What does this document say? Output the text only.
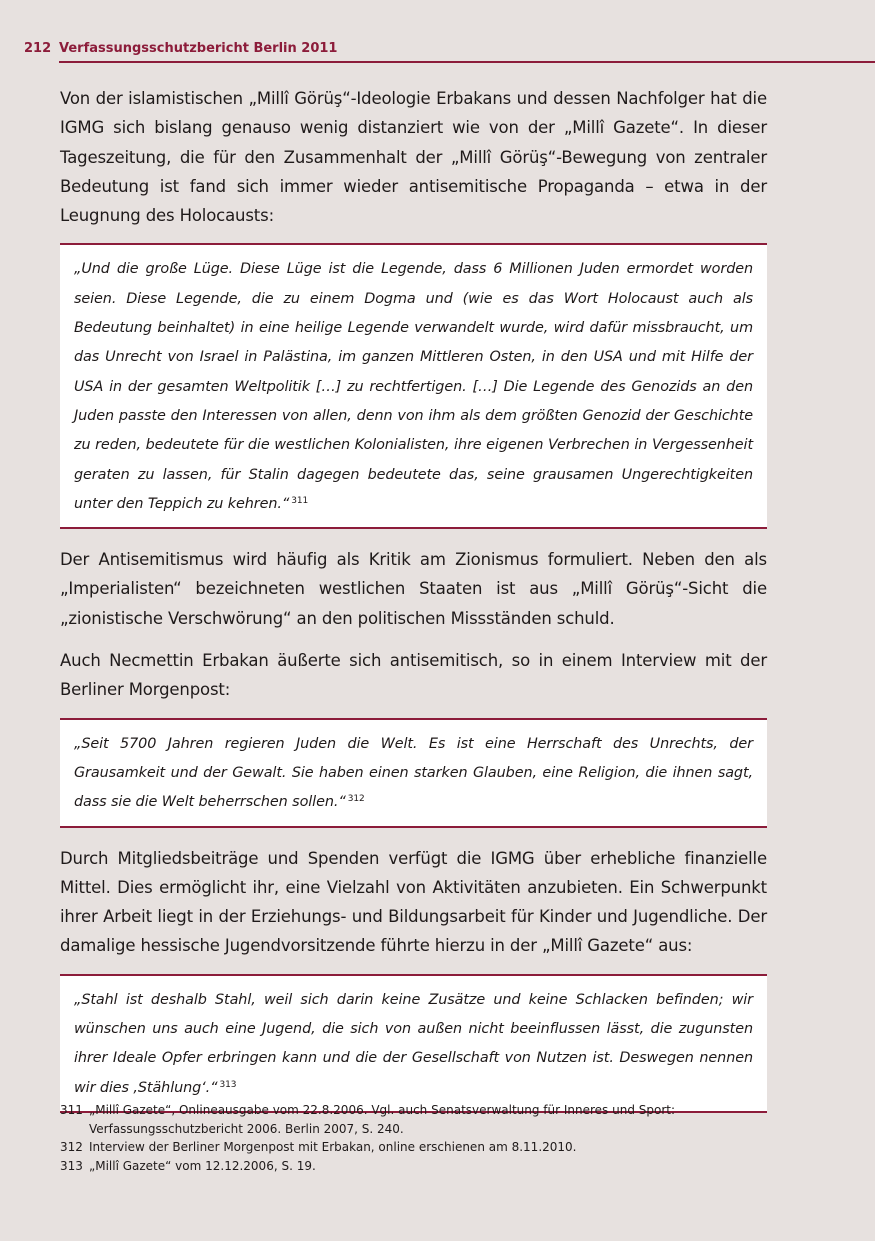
212 Verfassungsschutzbericht Berlin 2011

Von der islamistischen „Millî Görüş“-Ideologie Erbakans und dessen Nachfolger hat die IGMG sich bislang genauso wenig distanziert wie von der „Millî Gazete“. In dieser Tageszeitung, die für den Zusammenhalt der „Millî Görüş“-Bewegung von zentraler Bedeutung ist fand sich immer wieder antisemitische Propaganda – etwa in der Leugnung des Holocausts:

„Und die große Lüge. Diese Lüge ist die Legende, dass 6 Millionen Juden ermordet worden seien. Diese Legende, die zu einem Dogma und (wie es das Wort Holocaust auch als Bedeutung beinhaltet) in eine heilige Legende verwandelt wurde, wird dafür missbraucht, um das Unrecht von Israel in Palästina, im ganzen Mittleren Osten, in den USA und mit Hilfe der USA in der gesamten Weltpolitik […] zu rechtfertigen. […] Die Legende des Genozids an den Juden passte den Interessen von allen, denn von ihm als dem größten Genozid der Geschichte zu reden, bedeutete für die westlichen Kolonialisten, ihre eigenen Verbrechen in Vergessenheit geraten zu lassen, für Stalin dagegen bedeutete das, seine grausamen Ungerechtigkeiten unter den Teppich zu kehren.“ $^{311}$

Der Antisemitismus wird häufig als Kritik am Zionismus formuliert. Neben den als „Imperialisten“ bezeichneten westlichen Staaten ist aus „Millî Görüş“-Sicht die „zionistische Verschwörung“ an den politischen Missständen schuld.

Auch Necmettin Erbakan äußerte sich antisemitisch, so in einem Interview mit der Berliner Morgenpost:

„Seit 5700 Jahren regieren Juden die Welt. Es ist eine Herrschaft des Unrechts, der Grausamkeit und der Gewalt. Sie haben einen starken Glauben, eine Religion, die ihnen sagt, dass sie die Welt beherrschen sollen.“ $^{312}$

Durch Mitgliedsbeiträge und Spenden verfügt die IGMG über erhebliche finanzielle Mittel. Dies ermöglicht ihr, eine Vielzahl von Aktivitäten anzubieten. Ein Schwerpunkt ihrer Arbeit liegt in der Erziehungs- und Bildungsarbeit für Kinder und Jugendliche. Der damalige hessische Jugendvorsitzende führte hierzu in der „Millî Gazete“ aus:

„Stahl ist deshalb Stahl, weil sich darin keine Zusätze und keine Schlacken befinden; wir wünschen uns auch eine Jugend, die sich von außen nicht beeinflussen lässt, die zugunsten ihrer Ideale Opfer erbringen kann und die der Gesellschaft von Nutzen ist. Deswegen nennen wir dies ‚Stählung‘.“ $^{313}$

311 „Millî Gazete“, Onlineausgabe vom 22.8.2006. Vgl. auch Senatsverwaltung für Inneres und Sport:
Verfassungsschutzbericht 2006. Berlin 2007, S. 240.
312 Interview der Berliner Morgenpost mit Erbakan, online erschienen am 8.11.2010.
313 „Millî Gazete“ vom 12.12.2006, S. 19.
